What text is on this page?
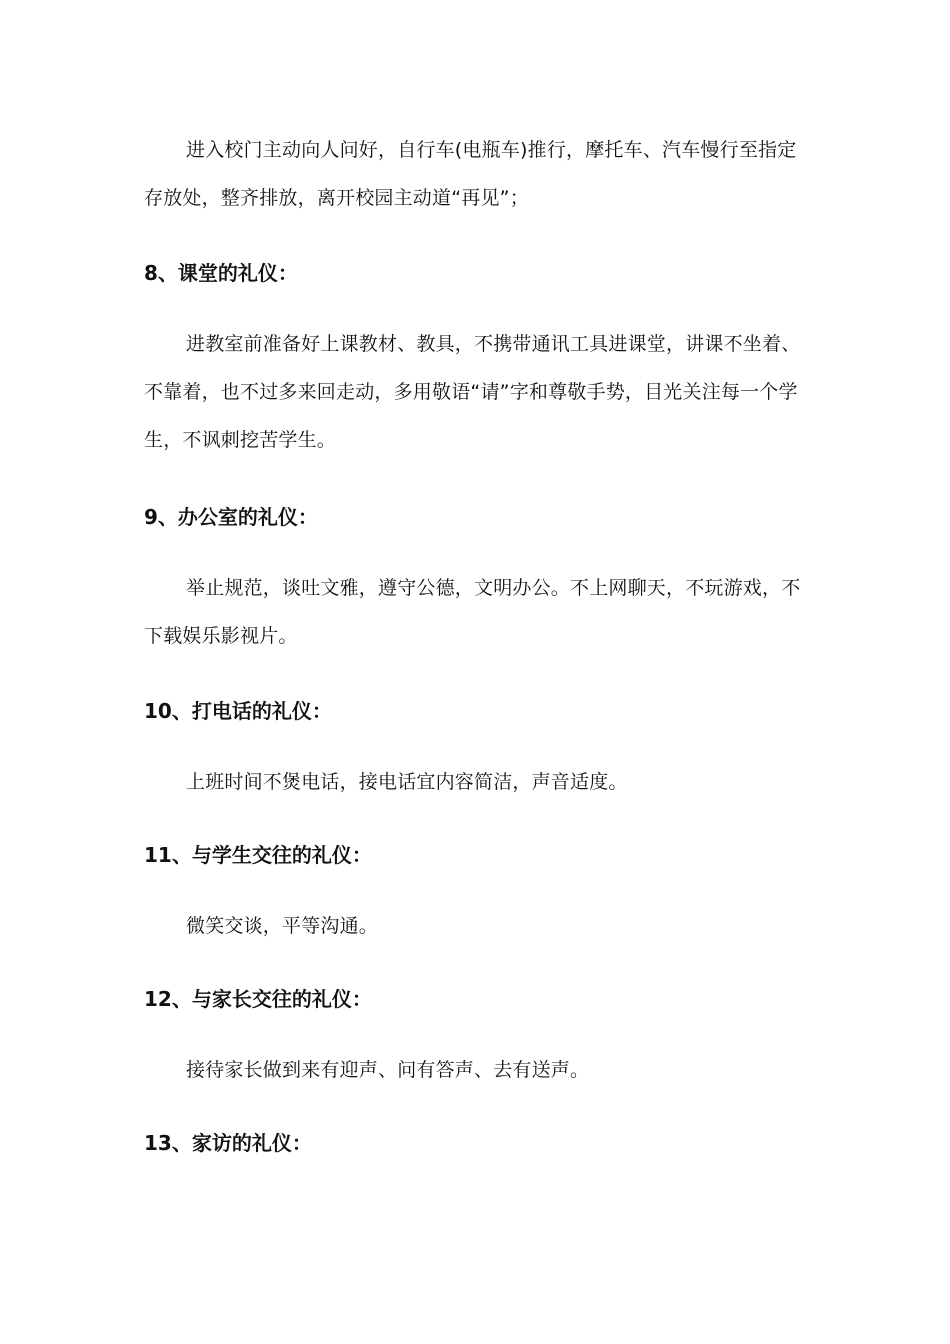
进入校门主动向人问好，自行车(电瓶车)推行，摩托车、汽车慢行至指定存放处，整齐排放，离开校园主动道“再见”；

8、课堂的礼仪：

进教室前准备好上课教材、教具，不携带通讯工具进课堂，讲课不坐着、不靠着，也不过多来回走动，多用敬语“请”字和尊敬手势，目光关注每一个学生，不讽刺挖苦学生。

9、办公室的礼仪：

举止规范，谈吐文雅，遵守公德，文明办公。不上网聊天，不玩游戏，不下载娱乐影视片。

10、打电话的礼仪：

上班时间不煲电话，接电话宜内容简洁，声音适度。

11、与学生交往的礼仪：

微笑交谈，平等沟通。

12、与家长交往的礼仪：

接待家长做到来有迎声、问有答声、去有送声。

13、家访的礼仪：
